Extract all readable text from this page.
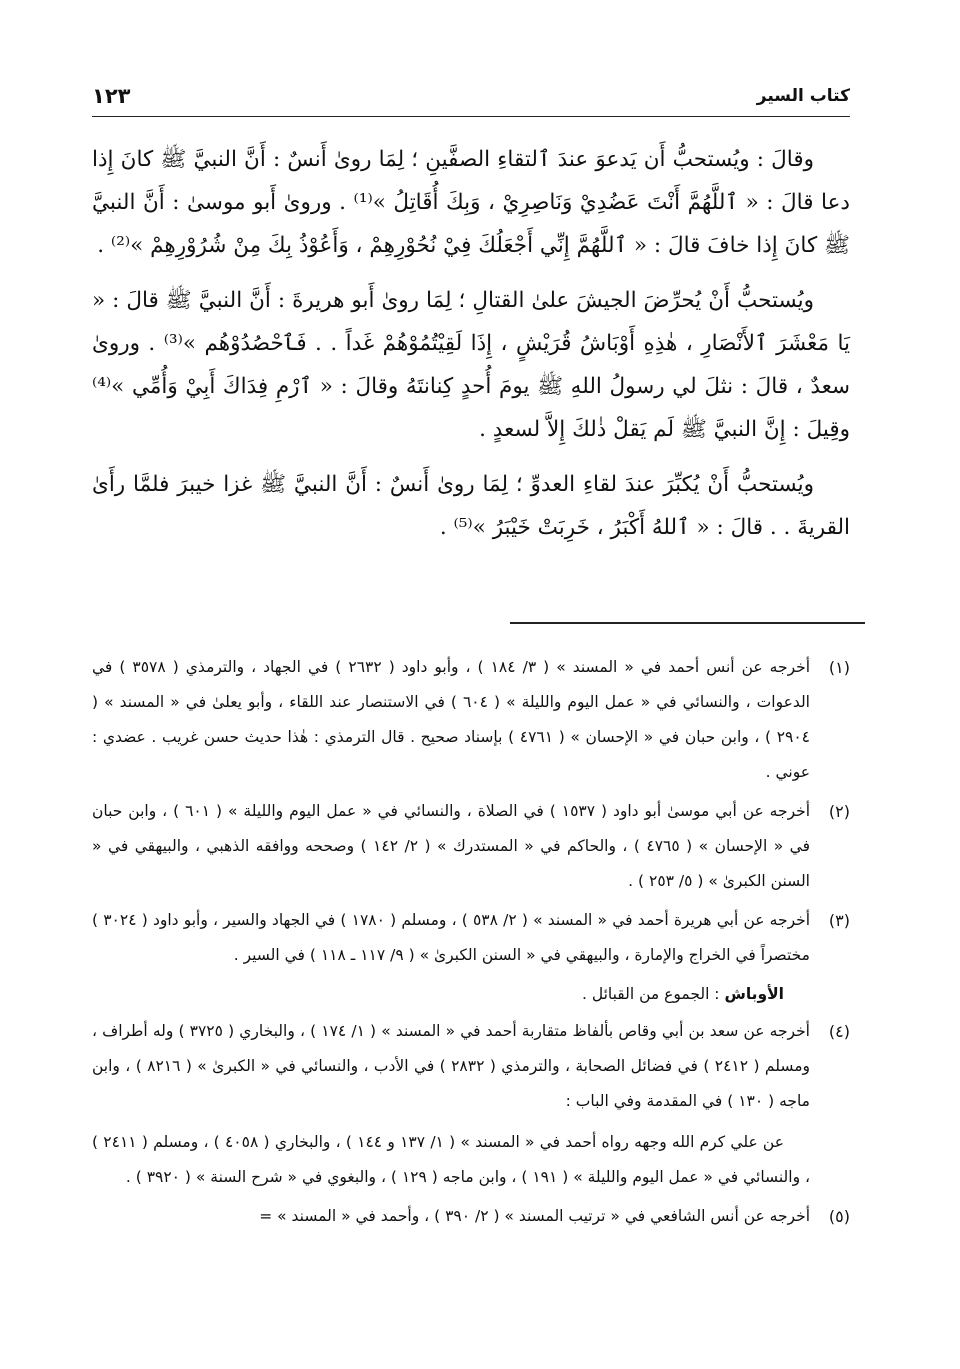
كتاب السير
١٢٣

وقالَ : ويُستحبُّ أَن يَدعوَ عندَ ٱلتقاءِ الصفَّينِ ؛ لِمَا روىٰ أَنسٌ : أَنَّ النبيَّ ﷺ كانَ إِذا دعا قالَ : « ٱللَّهُمَّ أَنْتَ عَضُدِيْ وَنَاصِرِيْ ، وَبِكَ أُقَاتِلُ »⁽¹⁾ . وروىٰ أَبو موسىٰ : أَنَّ النبيَّ ﷺ كانَ إِذا خافَ قالَ : « ٱللَّهُمَّ إِنِّي أَجْعَلُكَ فِيْ نُحُوْرِهِمْ ، وَأَعُوْذُ بِكَ مِنْ شُرُوْرِهِمْ »⁽²⁾ .

ويُستحبُّ أَنْ يُحرِّضَ الجيشَ علىٰ القتالِ ؛ لِمَا روىٰ أَبو هريرةَ : أَنَّ النبيَّ ﷺ قالَ : « يَا مَعْشَرَ ٱلأَنْصَارِ ، هٰذِهِ أَوْبَاشُ قُرَيْشٍ ، إِذَا لَقِيْتُمُوْهُمْ غَداً . . فَٱحْصُدُوْهُم »⁽³⁾ . وروىٰ سعدٌ ، قالَ : نثلَ لي رسولُ اللهِ ﷺ يومَ أُحدٍ كِنانتَهُ وقالَ : « ٱرْمِ فِدَاكَ أَبِيْ وَأُمِّي »⁽⁴⁾ وقِيلَ : إِنَّ النبيَّ ﷺ لَم يَقلْ ذٰلكَ إِلاَّ لسعدٍ .

ويُستحبُّ أَنْ يُكبِّرَ عندَ لقاءِ العدوِّ ؛ لِمَا روىٰ أَنسٌ : أَنَّ النبيَّ ﷺ غزا خيبرَ فلمَّا رأَىٰ القريةَ . . قالَ : « ٱللهُ أَكْبَرُ ، خَرِبَتْ خَيْبَرُ »⁽⁵⁾ .

(١)

أخرجه عن أنس أحمد في « المسند » ( ٣/ ١٨٤ ) ، وأبو داود ( ٢٦٣٢ ) في الجهاد ، والترمذي ( ٣٥٧٨ ) في الدعوات ، والنسائي في « عمل اليوم والليلة » ( ٦٠٤ ) في الاستنصار عند اللقاء ، وأبو يعلىٰ في « المسند » ( ٢٩٠٤ ) ، وابن حبان في « الإحسان » ( ٤٧٦١ ) بإسناد صحيح . قال الترمذي : هٰذا حديث حسن غريب . عضدي : عوني .

(٢)

أخرجه عن أبي موسىٰ أبو داود ( ١٥٣٧ ) في الصلاة ، والنسائي في « عمل اليوم والليلة » ( ٦٠١ ) ، وابن حبان في « الإحسان » ( ٤٧٦٥ ) ، والحاكم في « المستدرك » ( ٢/ ١٤٢ ) وصححه ووافقه الذهبي ، والبيهقي في « السنن الكبرىٰ » ( ٥/ ٢٥٣ ) .

(٣)

أخرجه عن أبي هريرة أحمد في « المسند » ( ٢/ ٥٣٨ ) ، ومسلم ( ١٧٨٠ ) في الجهاد والسير ، وأبو داود ( ٣٠٢٤ ) مختصراً في الخراج والإمارة ، والبيهقي في « السنن الكبرىٰ » ( ٩/ ١١٧ ـ ١١٨ ) في السير .

الأوباش : الجموع من القبائل .
(٤)

أخرجه عن سعد بن أبي وقاص بألفاظ متقاربة أحمد في « المسند » ( ١/ ١٧٤ ) ، والبخاري ( ٣٧٢٥ ) وله أطراف ، ومسلم ( ٢٤١٢ ) في فضائل الصحابة ، والترمذي ( ٢٨٣٢ ) في الأدب ، والنسائي في « الكبرىٰ » ( ٨٢١٦ ) ، وابن ماجه ( ١٣٠ ) في المقدمة وفي الباب :

عن علي كرم الله وجهه رواه أحمد في « المسند » ( ١/ ١٣٧ و ١٤٤ ) ، والبخاري ( ٤٠٥٨ ) ، ومسلم ( ٢٤١١ ) ، والنسائي في « عمل اليوم والليلة » ( ١٩١ ) ، وابن ماجه ( ١٢٩ ) ، والبغوي في « شرح السنة » ( ٣٩٢٠ ) .

(٥)

أخرجه عن أنس الشافعي في « ترتيب المسند » ( ٢/ ٣٩٠ ) ، وأحمد في « المسند » =
